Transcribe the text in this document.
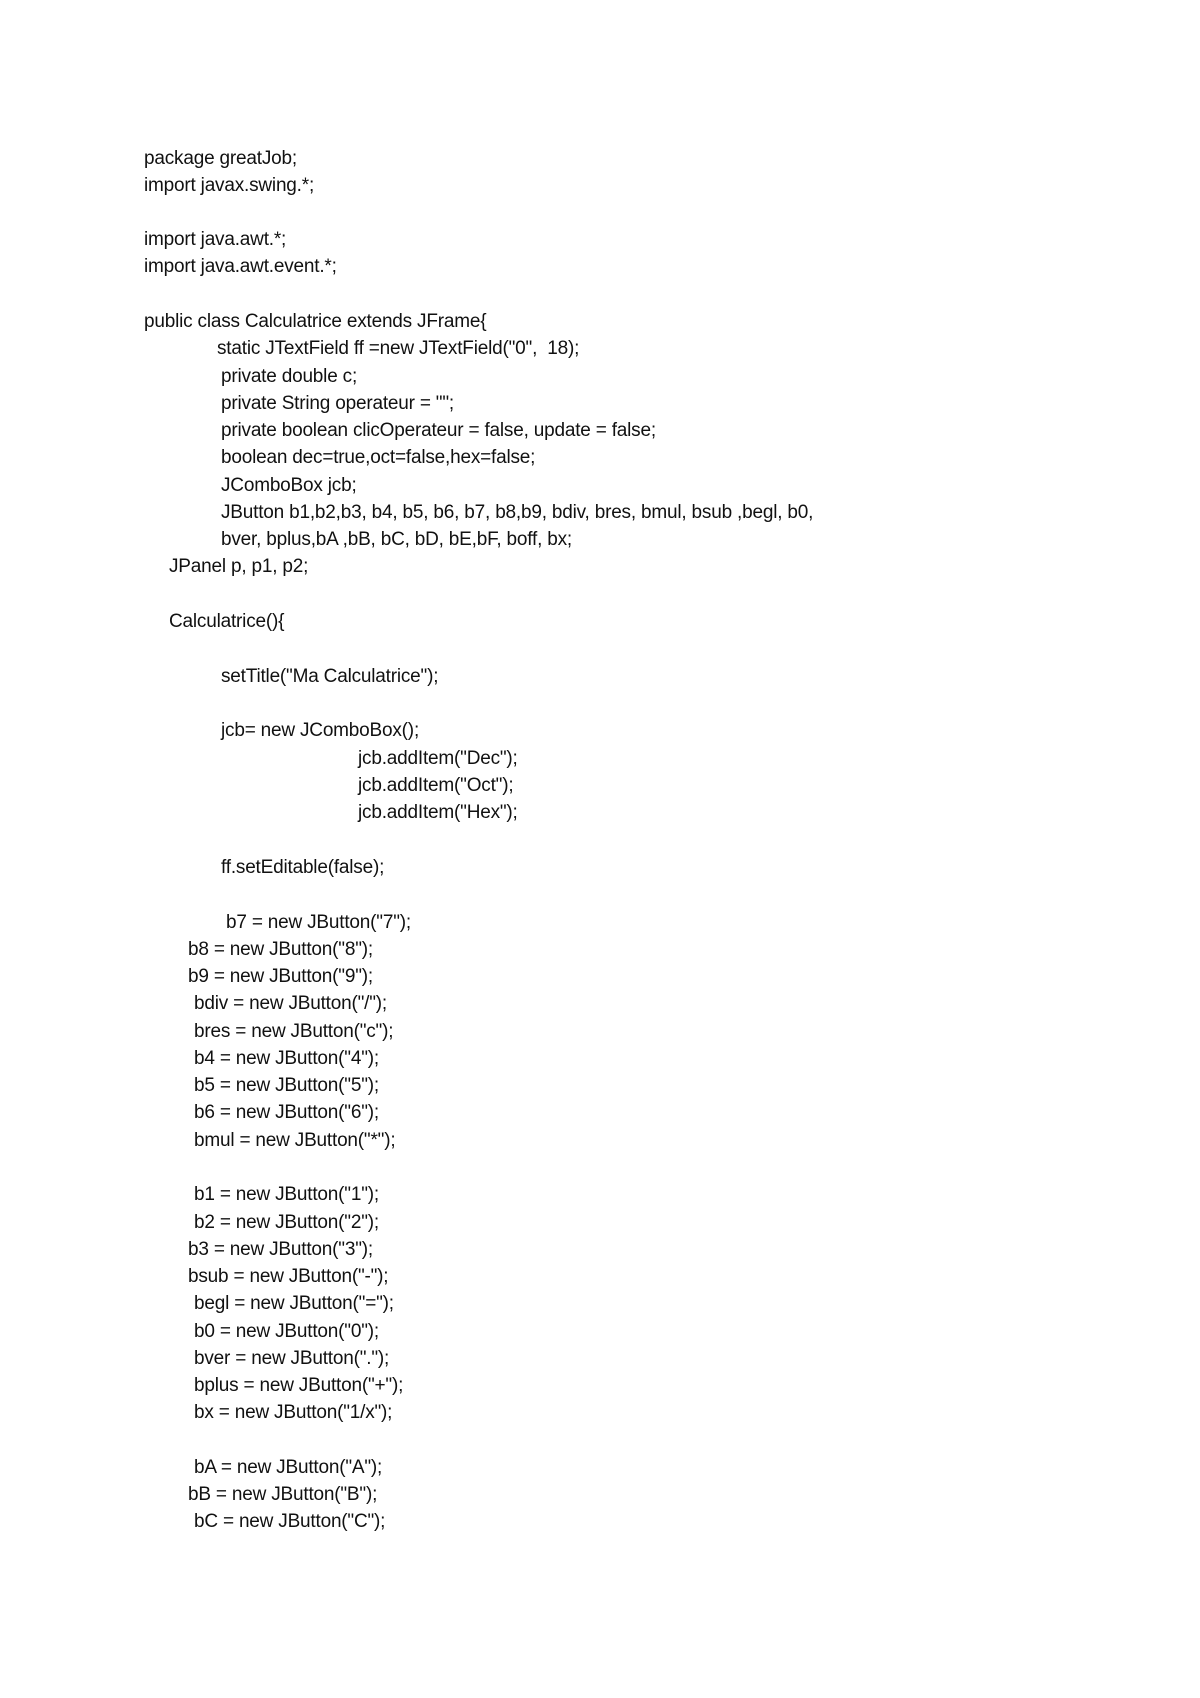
package greatJob;
import javax.swing.*;
import java.awt.*;
import java.awt.event.*;
public class Calculatrice extends JFrame{
static JTextField ff =new JTextField("0",  18);
private double c;
private String operateur = "";
private boolean clicOperateur = false, update = false;
boolean dec=true,oct=false,hex=false;
JComboBox jcb;
JButton b1,b2,b3, b4, b5, b6, b7, b8,b9, bdiv, bres, bmul, bsub ,begl, b0,
bver, bplus,bA ,bB, bC, bD, bE,bF, boff, bx;
JPanel p, p1, p2;
Calculatrice(){
setTitle("Ma Calculatrice");
jcb= new JComboBox();
jcb.addItem("Dec");
jcb.addItem("Oct");
jcb.addItem("Hex");
ff.setEditable(false);
b7 = new JButton("7");
b8 = new JButton("8");
b9 = new JButton("9");
bdiv = new JButton("/");
bres = new JButton("c");
b4 = new JButton("4");
b5 = new JButton("5");
b6 = new JButton("6");
bmul = new JButton("*");
b1 = new JButton("1");
b2 = new JButton("2");
b3 = new JButton("3");
bsub = new JButton("-");
begl = new JButton("=");
b0 = new JButton("0");
bver = new JButton(".");
bplus = new JButton("+");
bx = new JButton("1/x");
bA = new JButton("A");
bB = new JButton("B");
bC = new JButton("C");
